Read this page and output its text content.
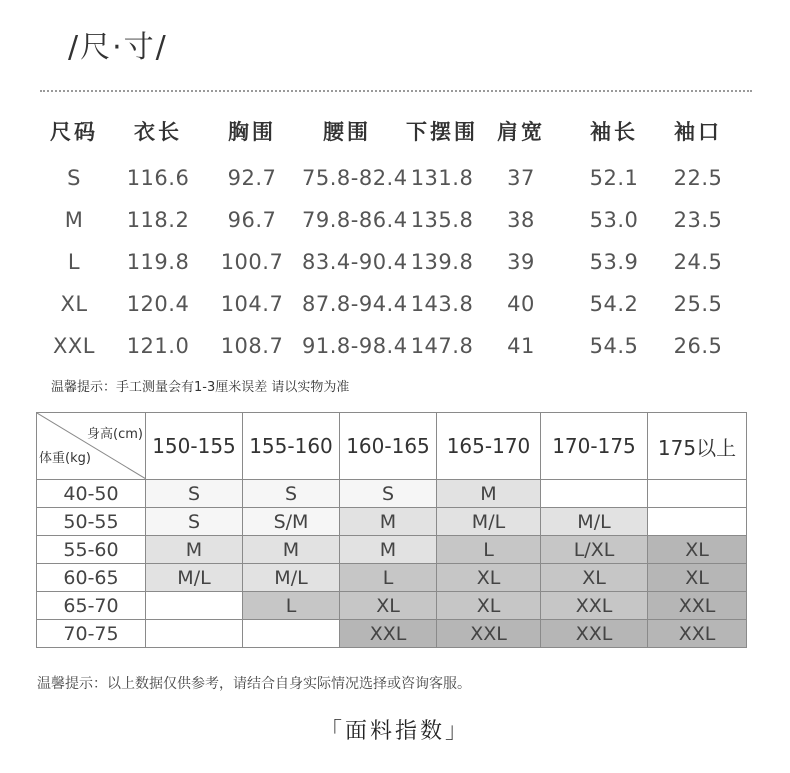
/尺·寸/
尺码	衣长	胸围	腰围	下摆围 肩宽	袖长	袖口
S	116.6	92.7	75.8-82.4 131.8	37	52.1	22.5
M	118.2	96.7	79.8-86.4 135.8	38	53.0	23.5
L	119.8	100.7 83.4-90.4 139.8	39	53.9	24.5
XL	120.4	104.7 87.8-94.4 143.8	40	54.2	25.5
XXL	121.0	108.7 91.8-98.4 147.8	41	54.5	26.5
温馨提示：手工测量会有1-3厘米误差 请以实物为准
身高(cm)
体重(kg)	150-155	155-160	160-165	165-170	170-175	175以上
40-50	S	S	S	M		
50-55	S	S/M	M	M/L	M/L	
55-60	M	M	M	L	L/XL	XL
60-65	M/L	M/L	L	XL	XL	XL
65-70		L	XL	XL	XXL	XXL
70-75			XXL	XXL	XXL	XXL
温馨提示：以上数据仅供参考，请结合自身实际情况选择或咨询客服。
「面料指数」
